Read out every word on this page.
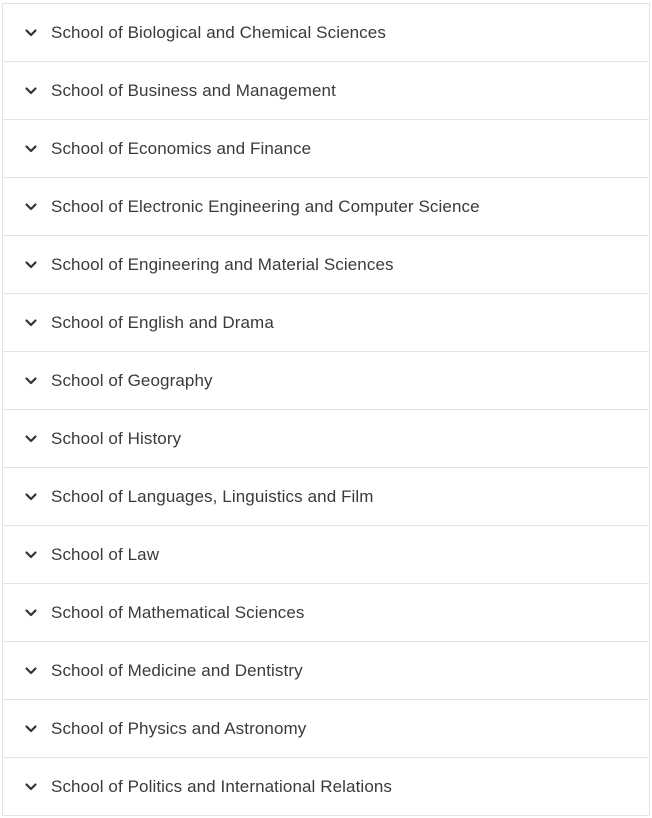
School of Biological and Chemical Sciences
School of Business and Management
School of Economics and Finance
School of Electronic Engineering and Computer Science
School of Engineering and Material Sciences
School of English and Drama
School of Geography
School of History
School of Languages, Linguistics and Film
School of Law
School of Mathematical Sciences
School of Medicine and Dentistry
School of Physics and Astronomy
School of Politics and International Relations
